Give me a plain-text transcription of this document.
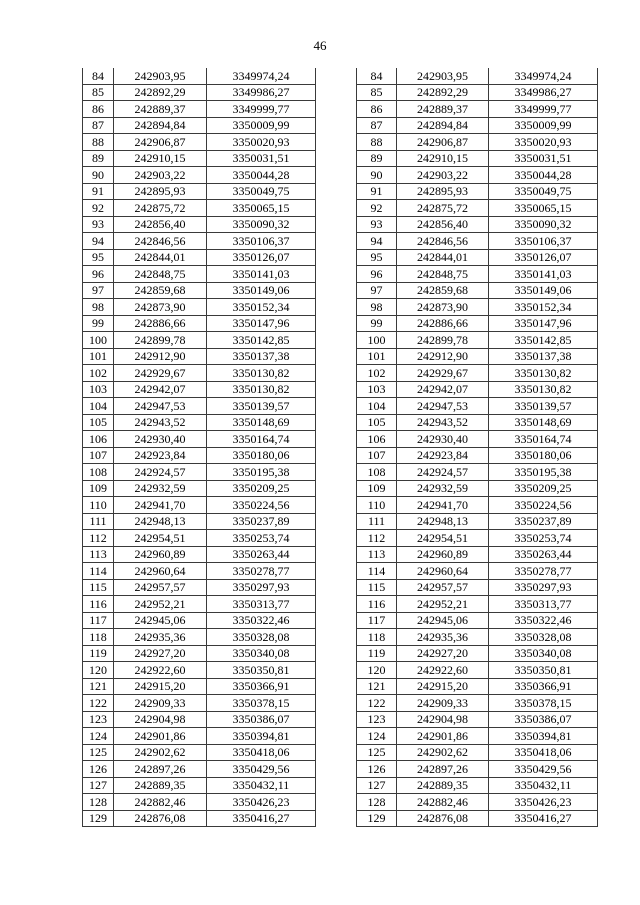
46
84	242903,95	3349974,24
85	242892,29	3349986,27
86	242889,37	3349999,77
87	242894,84	3350009,99
88	242906,87	3350020,93
89	242910,15	3350031,51
90	242903,22	3350044,28
91	242895,93	3350049,75
92	242875,72	3350065,15
93	242856,40	3350090,32
94	242846,56	3350106,37
95	242844,01	3350126,07
96	242848,75	3350141,03
97	242859,68	3350149,06
98	242873,90	3350152,34
99	242886,66	3350147,96
100	242899,78	3350142,85
101	242912,90	3350137,38
102	242929,67	3350130,82
103	242942,07	3350130,82
104	242947,53	3350139,57
105	242943,52	3350148,69
106	242930,40	3350164,74
107	242923,84	3350180,06
108	242924,57	3350195,38
109	242932,59	3350209,25
110	242941,70	3350224,56
111	242948,13	3350237,89
112	242954,51	3350253,74
113	242960,89	3350263,44
114	242960,64	3350278,77
115	242957,57	3350297,93
116	242952,21	3350313,77
117	242945,06	3350322,46
118	242935,36	3350328,08
119	242927,20	3350340,08
120	242922,60	3350350,81
121	242915,20	3350366,91
122	242909,33	3350378,15
123	242904,98	3350386,07
124	242901,86	3350394,81
125	242902,62	3350418,06
126	242897,26	3350429,56
127	242889,35	3350432,11
128	242882,46	3350426,23
129	242876,08	3350416,27
84	242903,95	3349974,24
85	242892,29	3349986,27
86	242889,37	3349999,77
87	242894,84	3350009,99
88	242906,87	3350020,93
89	242910,15	3350031,51
90	242903,22	3350044,28
91	242895,93	3350049,75
92	242875,72	3350065,15
93	242856,40	3350090,32
94	242846,56	3350106,37
95	242844,01	3350126,07
96	242848,75	3350141,03
97	242859,68	3350149,06
98	242873,90	3350152,34
99	242886,66	3350147,96
100	242899,78	3350142,85
101	242912,90	3350137,38
102	242929,67	3350130,82
103	242942,07	3350130,82
104	242947,53	3350139,57
105	242943,52	3350148,69
106	242930,40	3350164,74
107	242923,84	3350180,06
108	242924,57	3350195,38
109	242932,59	3350209,25
110	242941,70	3350224,56
111	242948,13	3350237,89
112	242954,51	3350253,74
113	242960,89	3350263,44
114	242960,64	3350278,77
115	242957,57	3350297,93
116	242952,21	3350313,77
117	242945,06	3350322,46
118	242935,36	3350328,08
119	242927,20	3350340,08
120	242922,60	3350350,81
121	242915,20	3350366,91
122	242909,33	3350378,15
123	242904,98	3350386,07
124	242901,86	3350394,81
125	242902,62	3350418,06
126	242897,26	3350429,56
127	242889,35	3350432,11
128	242882,46	3350426,23
129	242876,08	3350416,27
